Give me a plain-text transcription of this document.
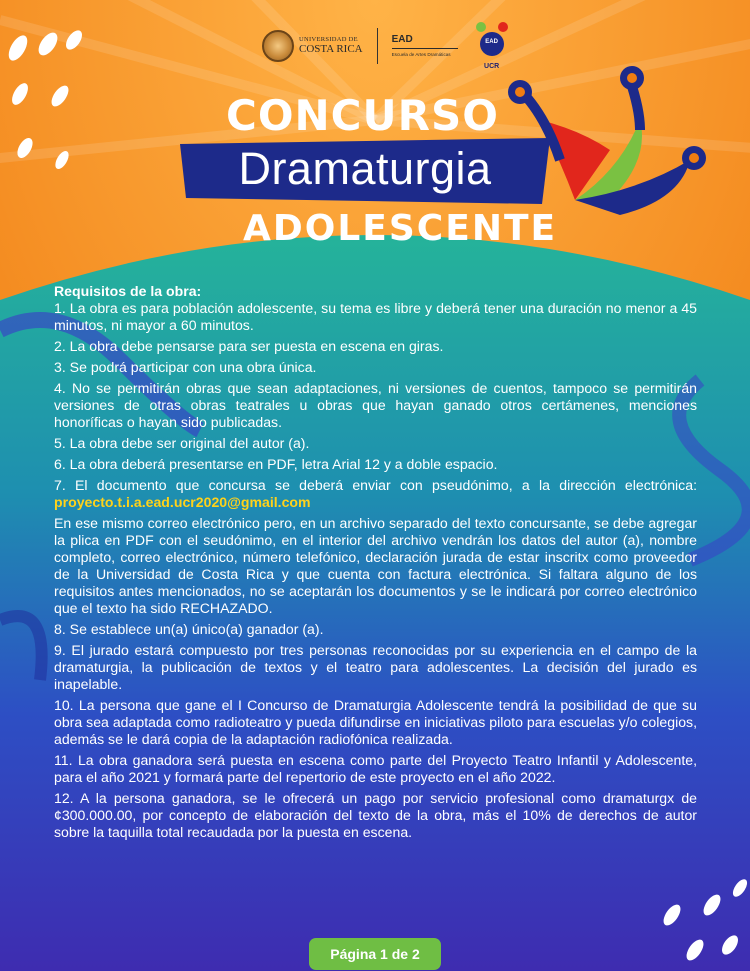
UNIVERSIDAD DE
COSTA RICA
EAD
Escuela de Artes Dramáticas
EAD
UCR
CONCURSO
Dramaturgia
ADOLESCENTE

Requisitos de la obra:

1. La obra es para población adolescente, su tema es libre y deberá tener una duración no menor a 45 minutos, ni mayor a 60 minutos.

2. La obra debe pensarse para ser puesta en escena en giras.

3. Se podrá participar con una obra única.

4. No se permitirán obras que sean adaptaciones, ni versiones de cuentos, tampoco se permitirán versiones de otras obras teatrales u obras que hayan ganado otros certámenes, menciones honoríficas o hayan sido publicadas.

5. La obra debe ser original del autor (a).

6. La obra deberá presentarse en PDF, letra Arial 12 y a doble espacio.

7. El documento que concursa se deberá enviar con pseudónimo, a la dirección electrónica: proyecto.t.i.a.ead.ucr2020@gmail.com

En ese mismo correo electrónico pero, en un archivo separado del texto concursante, se debe agregar la plica en PDF con el seudónimo, en el interior del archivo vendrán los datos del autor (a), nombre completo, correo electrónico, número telefónico, declaración jurada de estar inscritx como proveedor de la Universidad de Costa Rica y que cuenta con factura electrónica. Si faltara alguno de los requisitos antes mencionados, no se aceptarán los documentos y se le indicará por correo electrónico que el texto ha sido RECHAZADO.

8. Se establece un(a) único(a) ganador (a).

9. El jurado estará compuesto por tres personas reconocidas por su experiencia en el campo de la dramaturgia, la publicación de textos y el teatro para adolescentes. La decisión del jurado es inapelable.

10. La persona que gane el I Concurso de Dramaturgia Adolescente tendrá la posibilidad de que su obra sea adaptada como radioteatro y pueda difundirse en iniciativas piloto para escuelas y/o colegios, además se le dará copia de la adaptación radiofónica realizada.

11. La obra ganadora será puesta en escena como parte del Proyecto Teatro Infantil y Adolescente, para el año 2021 y formará parte del repertorio de este proyecto en el año 2022.

12. A la persona ganadora, se le ofrecerá un pago por servicio profesional como dramaturgx de ¢300.000.00, por concepto de elaboración del texto de la obra, más el 10% de derechos de autor sobre la taquilla total recaudada por la puesta en escena.

Página 1 de 2
